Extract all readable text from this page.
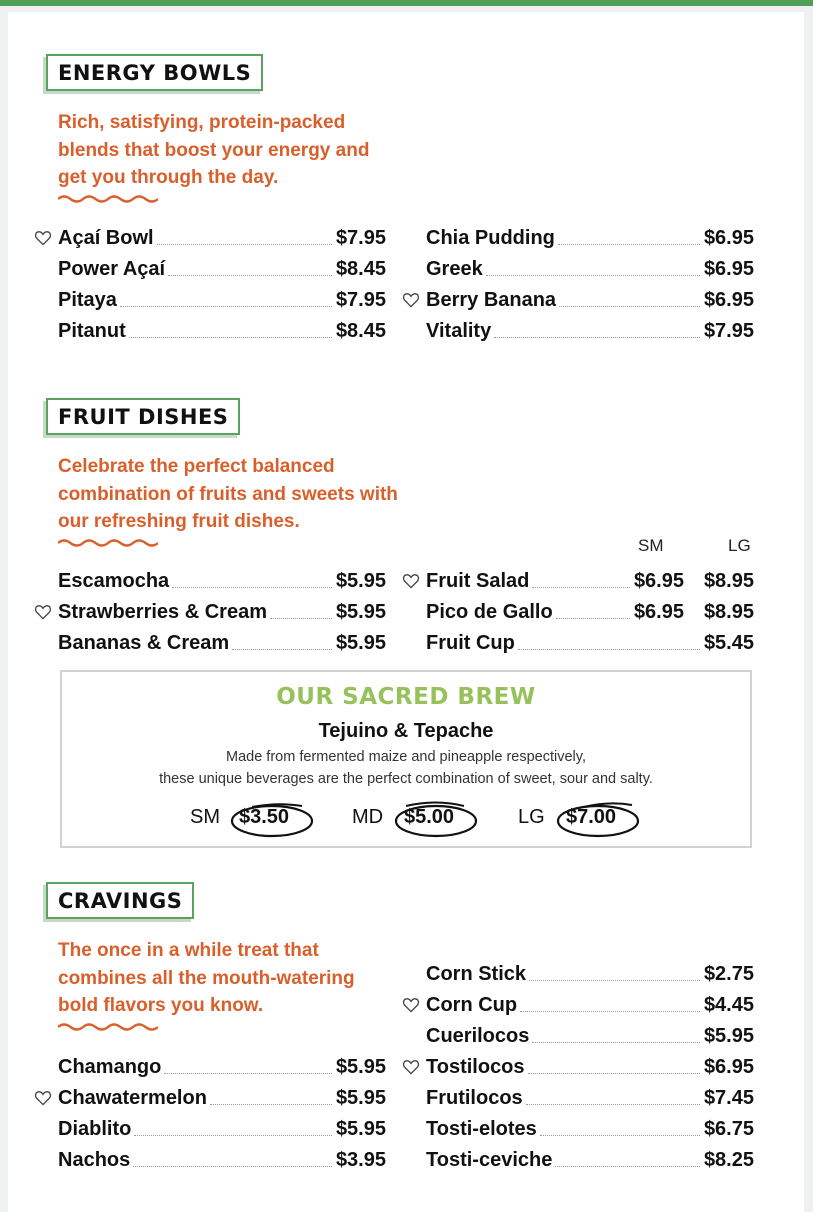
ENERGY BOWLS
Rich, satisfying, protein-packed blends that boost your energy and get you through the day.
Açaí Bowl	$7.95
Power Açaí	$8.45
Pitaya	$7.95
Pitanut	$8.45
Chia Pudding	$6.95
Greek	$6.95
Berry Banana	$6.95
Vitality	$7.95
FRUIT DISHES
Celebrate the perfect balanced combination of fruits and sweets with our refreshing fruit dishes.
SM	LG
Escamocha	$5.95
Strawberries & Cream	$5.95
Bananas & Cream	$5.95
Fruit Salad	$6.95 $8.95
Pico de Gallo	$6.95 $8.95
Fruit Cup	$5.45
OUR SACRED BREW
Tejuino & Tepache
Made from fermented maize and pineapple respectively,
these unique beverages are the perfect combination of sweet, sour and salty.
SM $3.50	MD $5.00	LG $7.00
CRAVINGS
The once in a while treat that combines all the mouth-watering bold flavors you know.
Chamango	$5.95
Chawatermelon	$5.95
Diablito	$5.95
Nachos	$3.95
Corn Stick	$2.75
Corn Cup	$4.45
Cuerilocos	$5.95
Tostilocos	$6.95
Frutilocos	$7.45
Tosti-elotes	$6.75
Tosti-ceviche	$8.25
